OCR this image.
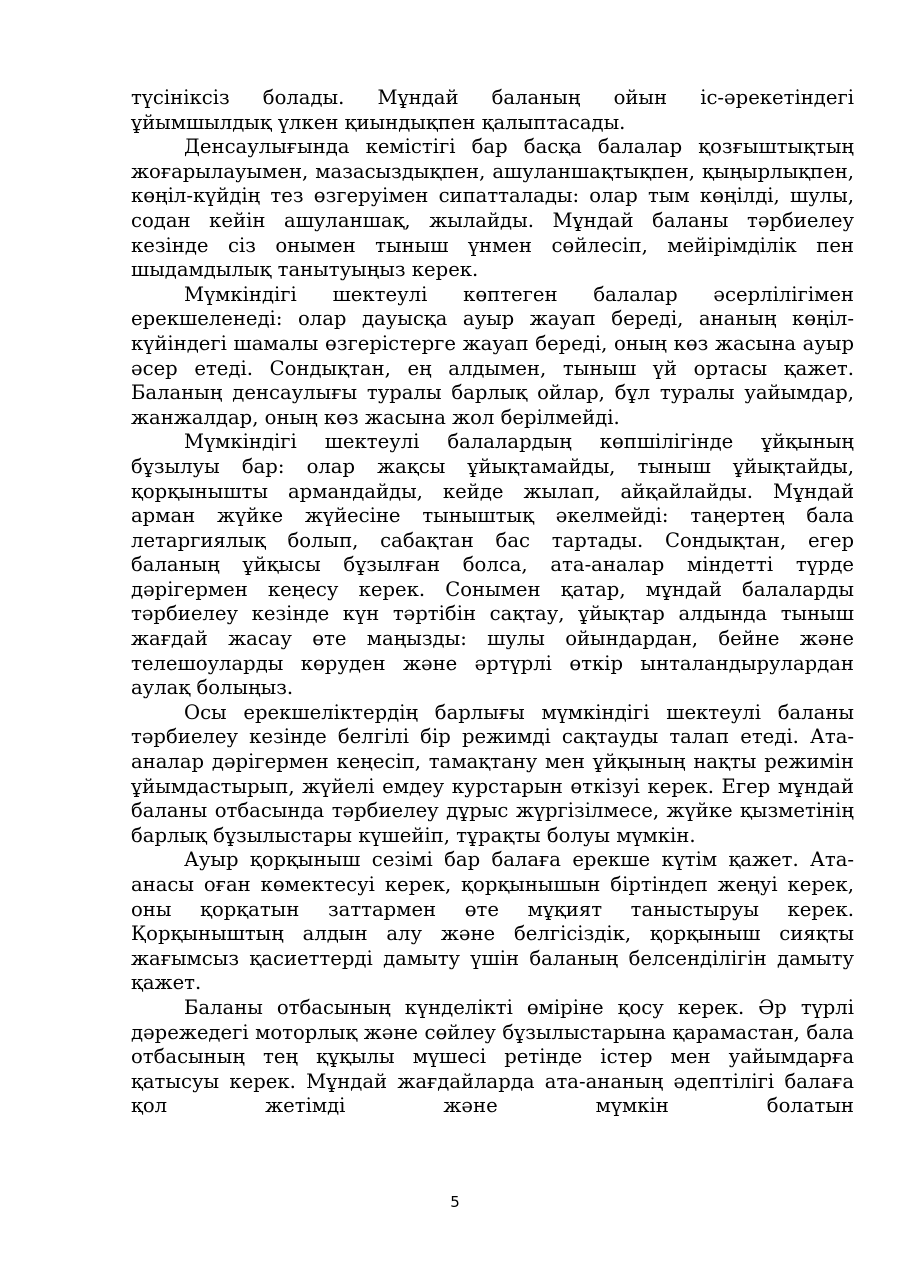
түсініксіз болады. Мұндай баланың ойын іс-әрекетіндегі ұйымшылдық үлкен қиындықпен қалыптасады.

Денсаулығында кемістігі бар басқа балалар қозғыштықтың жоғарылауымен, мазасыздықпен, ашуланшақтықпен, қыңырлықпен, көңіл-күйдің тез өзгеруімен сипатталады: олар тым көңілді, шулы, содан кейін ашуланшақ, жылайды. Мұндай баланы тәрбиелеу кезінде сіз онымен тыныш үнмен сөйлесіп, мейірімділік пен шыдамдылық танытуыңыз керек.

Мүмкіндігі шектеулі көптеген балалар әсерлілігімен ерекшеленеді: олар дауысқа ауыр жауап береді, ананың көңіл-күйіндегі шамалы өзгерістерге жауап береді, оның көз жасына ауыр әсер етеді. Сондықтан, ең алдымен, тыныш үй ортасы қажет. Баланың денсаулығы туралы барлық ойлар, бұл туралы уайымдар, жанжалдар, оның көз жасына жол берілмейді.

Мүмкіндігі шектеулі балалардың көпшілігінде ұйқының бұзылуы бар: олар жақсы ұйықтамайды, тыныш ұйықтайды, қорқынышты армандайды, кейде жылап, айқайлайды. Мұндай арман жүйке жүйесіне тыныштық әкелмейді: таңертең бала летаргиялық болып, сабақтан бас тартады. Сондықтан, егер баланың ұйқысы бұзылған болса, ата-аналар міндетті түрде дәрігермен кеңесу керек. Сонымен қатар, мұндай балаларды тәрбиелеу кезінде күн тәртібін сақтау, ұйықтар алдында тыныш жағдай жасау өте маңызды: шулы ойындардан, бейне және телешоуларды көруден және әртүрлі өткір ынталандырулардан аулақ болыңыз.

Осы ерекшеліктердің барлығы мүмкіндігі шектеулі баланы тәрбиелеу кезінде белгілі бір режимді сақтауды талап етеді. Ата-аналар дәрігермен кеңесіп, тамақтану мен ұйқының нақты режимін ұйымдастырып, жүйелі емдеу курстарын өткізуі керек. Егер мұндай баланы отбасында тәрбиелеу дұрыс жүргізілмесе, жүйке қызметінің барлық бұзылыстары күшейіп, тұрақты болуы мүмкін.

Ауыр қорқыныш сезімі бар балаға ерекше күтім қажет. Ата-анасы оған көмектесуі керек, қорқынышын біртіндеп жеңуі керек, оны қорқатын заттармен өте мұқият таныстыруы керек. Қорқыныштың алдын алу және белгісіздік, қорқыныш сияқты жағымсыз қасиеттерді дамыту үшін баланың белсенділігін дамыту қажет.

Баланы отбасының күнделікті өміріне қосу керек. Әр түрлі дәрежедегі моторлық және сөйлеу бұзылыстарына қарамастан, бала отбасының тең құқылы мүшесі ретінде істер мен уайымдарға қатысуы керек. Мұндай жағдайларда ата-ананың әдептілігі балаға қол жетімді және мүмкін болатын

5
